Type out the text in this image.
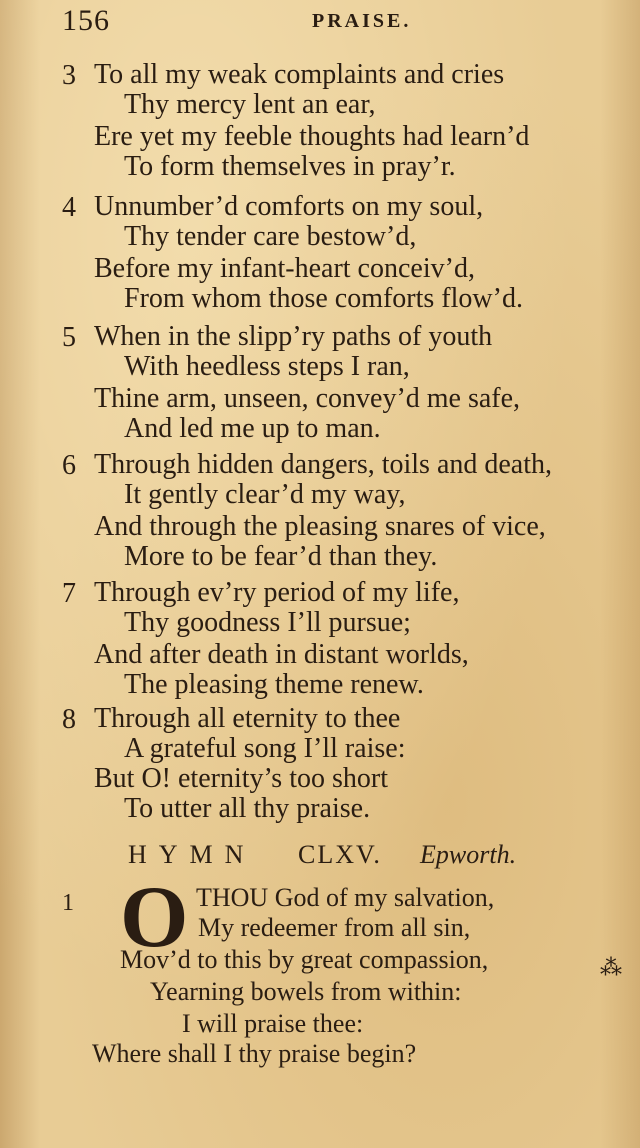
156	PRAISE.
3 To all my weak complaints and cries
Thy mercy lent an ear,
Ere yet my feeble thoughts had learn’d
To form themselves in pray’r.
4 Unnumber’d comforts on my soul,
Thy tender care bestow’d,
Before my infant-heart conceiv’d,
From whom those comforts flow’d.
5 When in the slipp’ry paths of youth
With heedless steps I ran,
Thine arm, unseen, convey’d me safe,
And led me up to man.
6 Through hidden dangers, toils and death,
It gently clear’d my way,
And through the pleasing snares of vice,
More to be fear’d than they.
7 Through ev’ry period of my life,
Thy goodness I’ll pursue;
And after death in distant worlds,
The pleasing theme renew.
8 Through all eternity to thee
A grateful song I’ll raise:
But O! eternity’s too short
To utter all thy praise.
HYMN CLXV. Epworth.
1 O THOU God of my salvation,
My redeemer from all sin,
Mov’d to this by great compassion,
Yearning bowels from within:
I will praise thee:
Where shall I thy praise begin?
⁂
